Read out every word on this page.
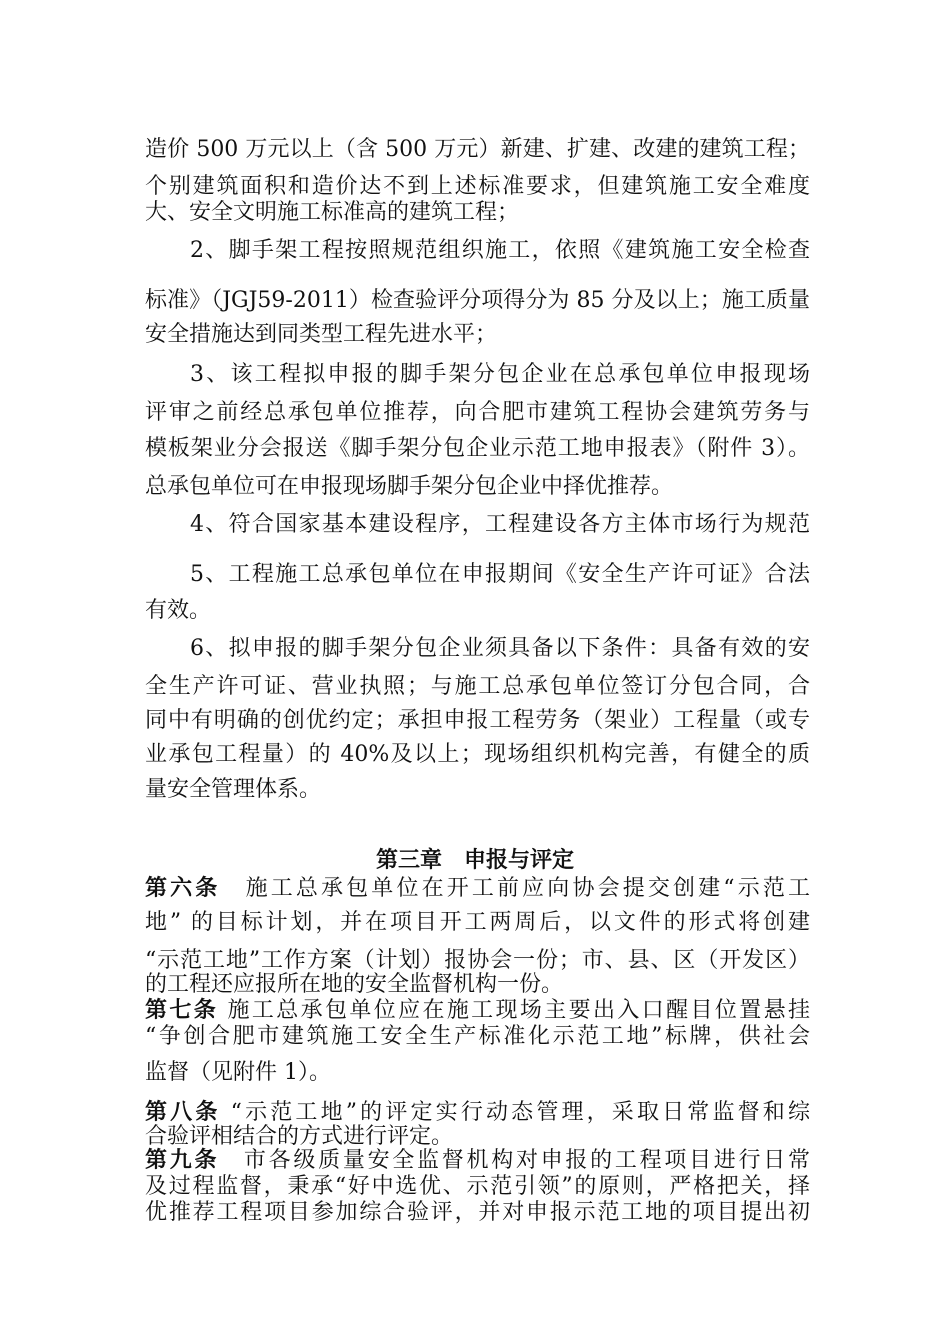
造价 500 万元以上（含 500 万元）新建、扩建、改建的建筑工程；
个别建筑面积和造价达不到上述标准要求，但建筑施工安全难度
大、安全文明施工标准高的建筑工程；
2、脚手架工程按照规范组织施工，依照《建筑施工安全检查
标准》（JGJ59-2011）检查验评分项得分为 85 分及以上；施工质量
安全措施达到同类型工程先进水平；
3、该工程拟申报的脚手架分包企业在总承包单位申报现场
评审之前经总承包单位推荐，向合肥市建筑工程协会建筑劳务与
模板架业分会报送《脚手架分包企业示范工地申报表》（附件 3）。
总承包单位可在申报现场脚手架分包企业中择优推荐。
4、符合国家基本建设程序，工程建设各方主体市场行为规范
5、工程施工总承包单位在申报期间《安全生产许可证》合法
有效。
6、拟申报的脚手架分包企业须具备以下条件：具备有效的安
全生产许可证、营业执照；与施工总承包单位签订分包合同，合
同中有明确的创优约定；承担申报工程劳务（架业）工程量（或专
业承包工程量）的 40%及以上；现场组织机构完善，有健全的质
量安全管理体系。
第三章　申报与评定
第六条　施工总承包单位在开工前应向协会提交创建“示范工
地” 的目标计划，并在项目开工两周后，以文件的形式将创建
“示范工地”工作方案（计划）报协会一份；市、县、区（开发区）
的工程还应报所在地的安全监督机构一份。
第七条 施工总承包单位应在施工现场主要出入口醒目位置悬挂
“争创合肥市建筑施工安全生产标准化示范工地”标牌，供社会
监督（见附件 1）。
第八条 “示范工地”的评定实行动态管理，采取日常监督和综
合验评相结合的方式进行评定。
第九条　市各级质量安全监督机构对申报的工程项目进行日常
及过程监督，秉承“好中选优、示范引领”的原则，严格把关，择
优推荐工程项目参加综合验评，并对申报示范工地的项目提出初
